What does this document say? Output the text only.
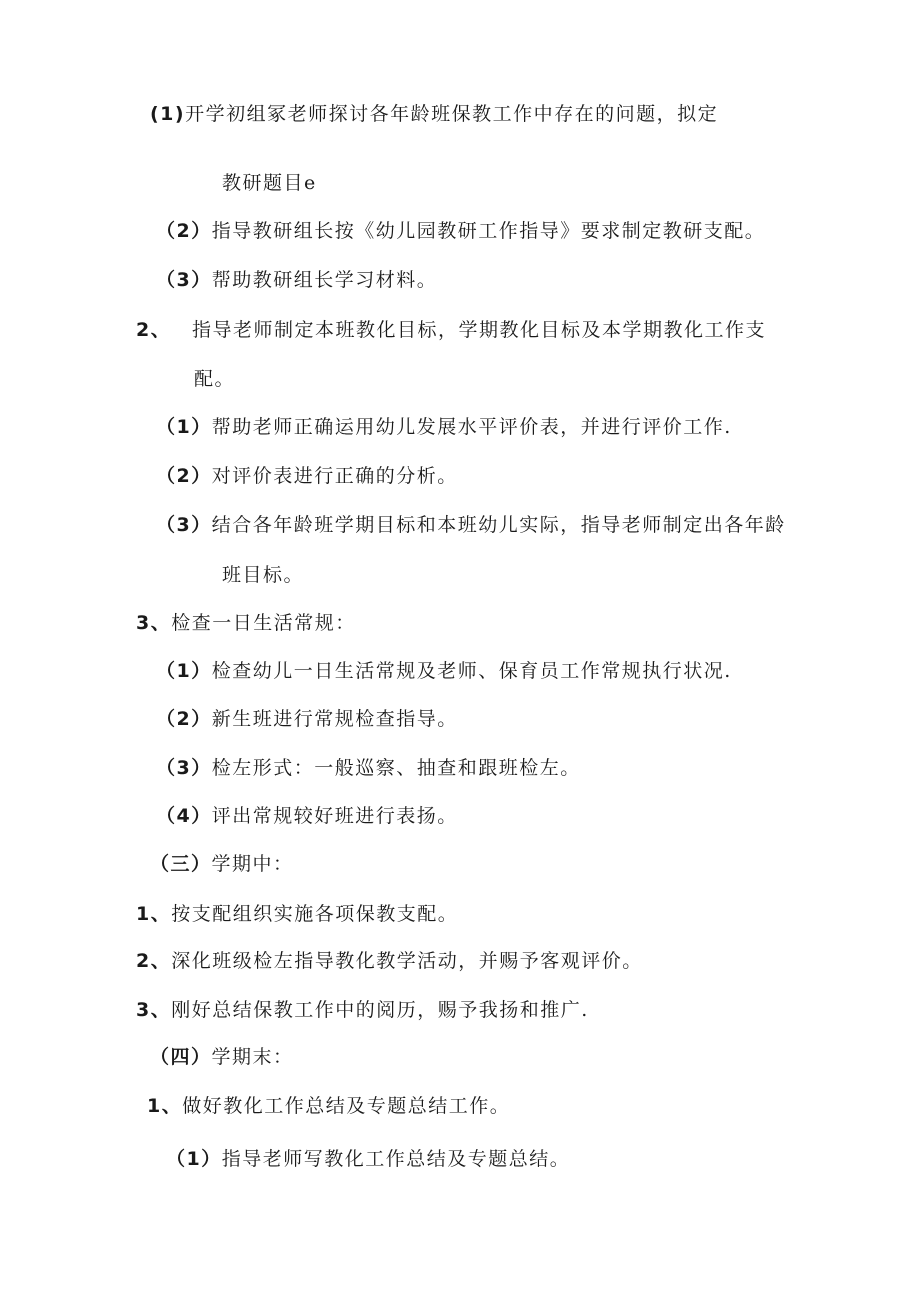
(1)开学初组冢老师探讨各年龄班保教工作中存在的问题，拟定
教研题目e
（2）指导教研组长按《幼儿园教研工作指导》要求制定教研支配。
（3）帮助教研组长学习材料。
2、 指导老师制定本班教化目标，学期教化目标及本学期教化工作支
配。
（1）帮助老师正确运用幼儿发展水平评价表，并进行评价工作.
（2）对评价表进行正确的分析。
（3）结合各年龄班学期目标和本班幼儿实际，指导老师制定出各年龄
班目标。
3、检查一日生活常规：
（1）检查幼儿一日生活常规及老师、保育员工作常规执行状况.
（2）新生班进行常规检查指导。
（3）检左形式：一般巡察、抽查和跟班检左。
（4）评出常规较好班进行表扬。
（三）学期中：
1、按支配组织实施各项保教支配。
2、深化班级检左指导教化教学活动，并赐予客观评价。
3、刚好总结保教工作中的阅历，赐予我扬和推广.
（四）学期末：
1、做好教化工作总结及专题总结工作。
（1）指导老师写教化工作总结及专题总结。
